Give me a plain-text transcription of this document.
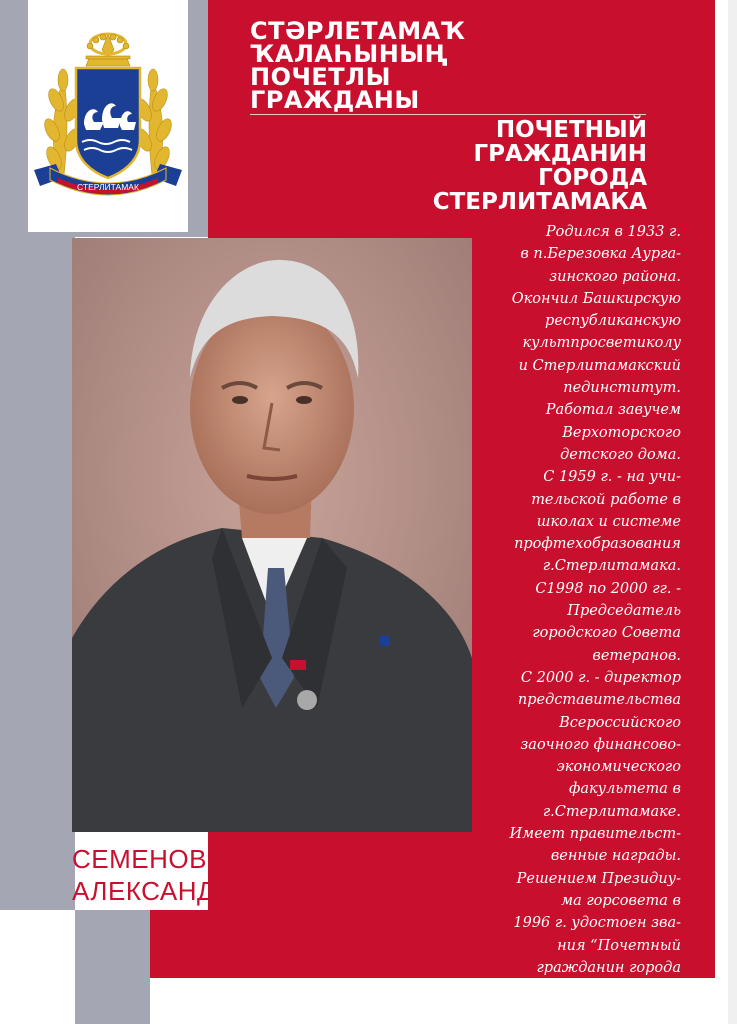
СТЕРЛИТАМАК
СТӘРЛЕТАМАҠ
ҠАЛАҺЫНЫҢ
ПОЧЕТЛЫ
ГРАЖДАНЫ
ПОЧЕТНЫЙ
ГРАЖДАНИН
ГОРОДА
СТЕРЛИТАМАКА
Родился в 1933 г.
в п.Березовка Аурга-
зинского района.
Окончил Башкирскую
республиканскую
культпросветиколу
и Стерлитамакский
пединститут.
Работал завучем
Верхоторского
детского дома.
С 1959 г. - на учи-
тельской работе в
школах и системе
профтехобразования
г.Стерлитамака.
С1998 по 2000 гг. -
Председатель
городского Совета
ветеранов.
С 2000 г. - директор
представительства
Всероссийского
заочного финансово-
экономического
факультета в
г.Стерлитамаке.
Имеет правительст-
венные награды.
Решением Президиу-
ма горсовета в
1996 г. удостоен зва-
ния “Почетный
гражданин города
Стерлитамака”.
СЕМЕНОВ
АЛЕКСАНДР СЕРГЕЕВИЧ
